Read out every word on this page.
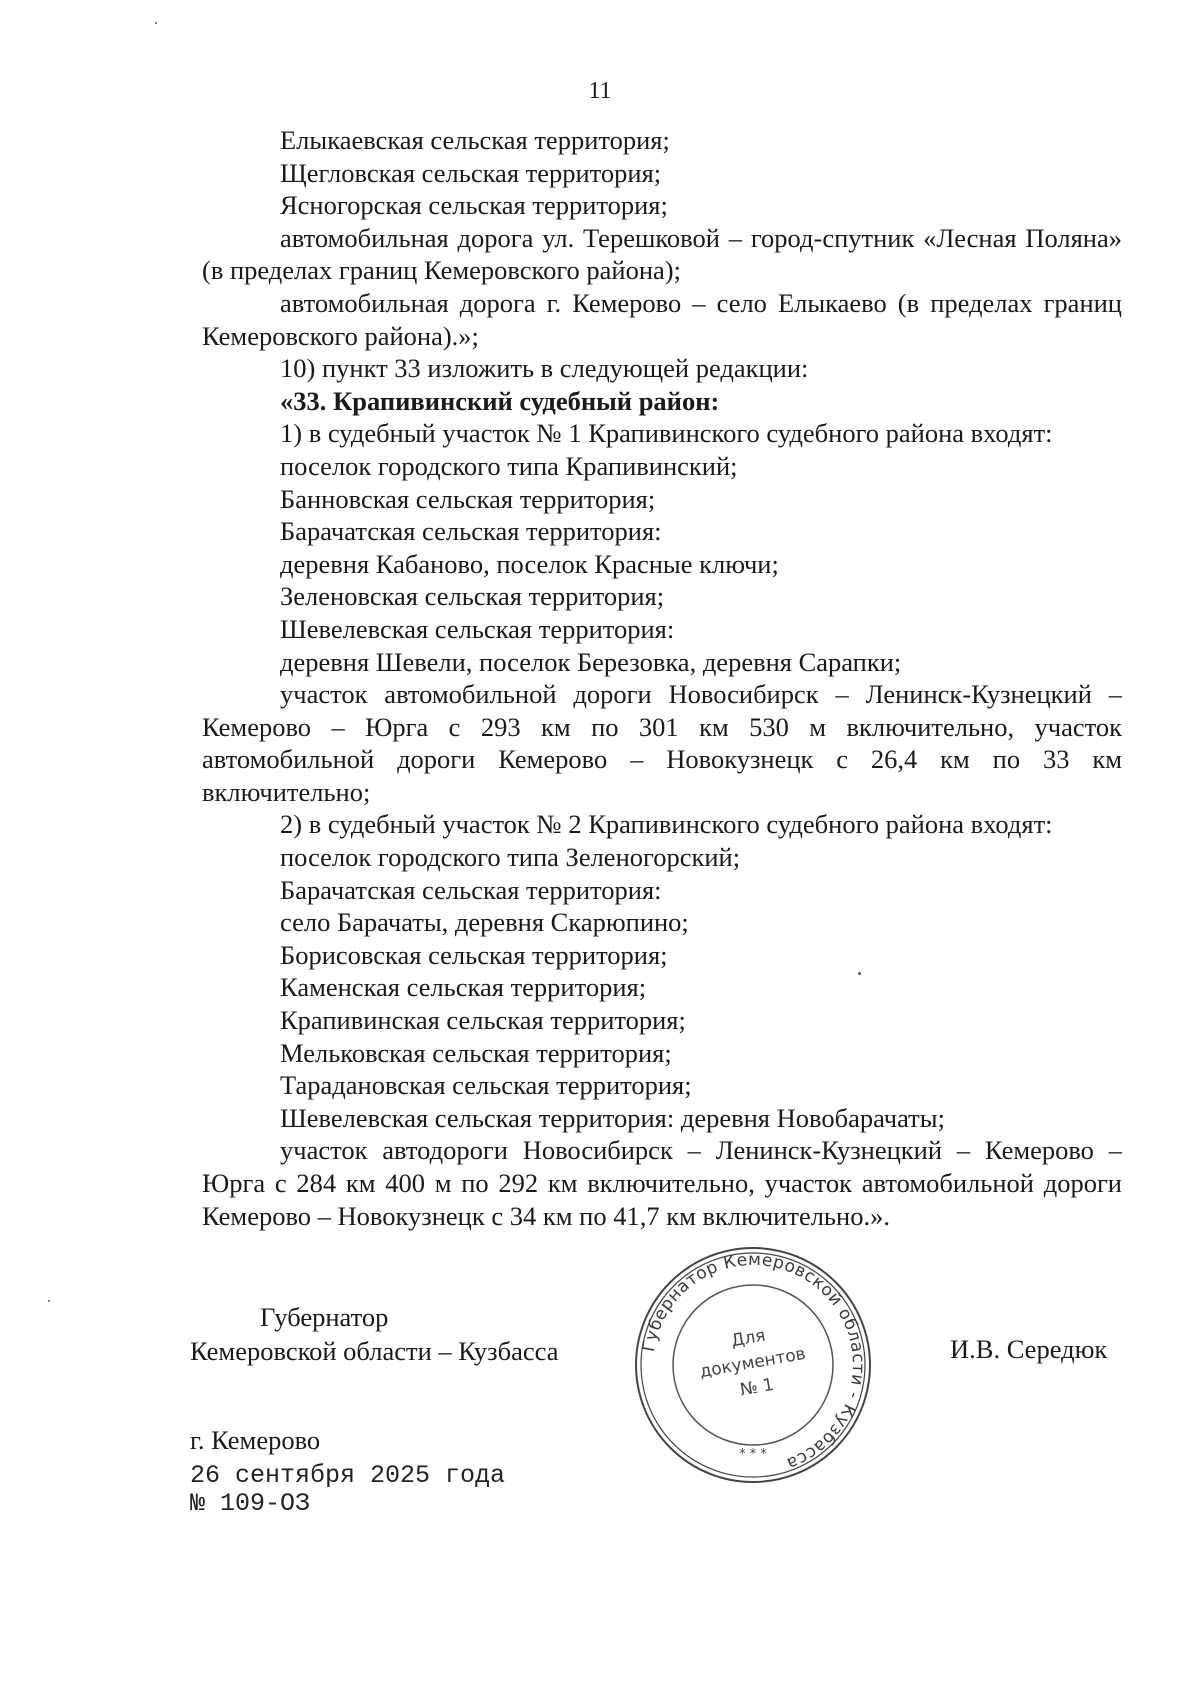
11

Елыкаевская сельская территория;

Щегловская сельская территория;

Ясногорская сельская территория;

автомобильная дорога ул. Терешковой – город-спутник «Лесная Поляна» (в пределах границ Кемеровского района);

автомобильная дорога г. Кемерово – село Елыкаево (в пределах границ Кемеровского района).»;

10) пункт 33 изложить в следующей редакции:

«33. Крапивинский судебный район:

1) в судебный участок № 1 Крапивинского судебного района входят:

поселок городского типа Крапивинский;

Банновская сельская территория;

Барачатская сельская территория:

деревня Кабаново, поселок Красные ключи;

Зеленовская сельская территория;

Шевелевская сельская территория:

деревня Шевели, поселок Березовка, деревня Сарапки;

участок автомобильной дороги Новосибирск – Ленинск-Кузнецкий – Кемерово – Юрга с 293 км по 301 км 530 м включительно, участок автомобильной дороги Кемерово – Новокузнецк с 26,4 км по 33 км включительно;

2) в судебный участок № 2 Крапивинского судебного района входят:

поселок городского типа Зеленогорский;

Барачатская сельская территория:

село Барачаты, деревня Скарюпино;

Борисовская сельская территория;

Каменская сельская территория;

Крапивинская сельская территория;

Мельковская сельская территория;

Тарадановская сельская территория;

Шевелевская сельская территория: деревня Новобарачаты;

участок автодороги Новосибирск – Ленинск-Кузнецкий – Кемерово – Юрга с 284 км 400 м по 292 км включительно, участок автомобильной дороги Кемерово – Новокузнецк с 34 км по 41,7 км включительно.».

Губернатор
Кемеровской области – Кузбасса	Губернатор Кемеровской области - Кузбасса
* * *
Для
документов
№ 1
И.В. Середюк
г. Кемерово
26 сентября 2025 года
№ 109-ОЗ
